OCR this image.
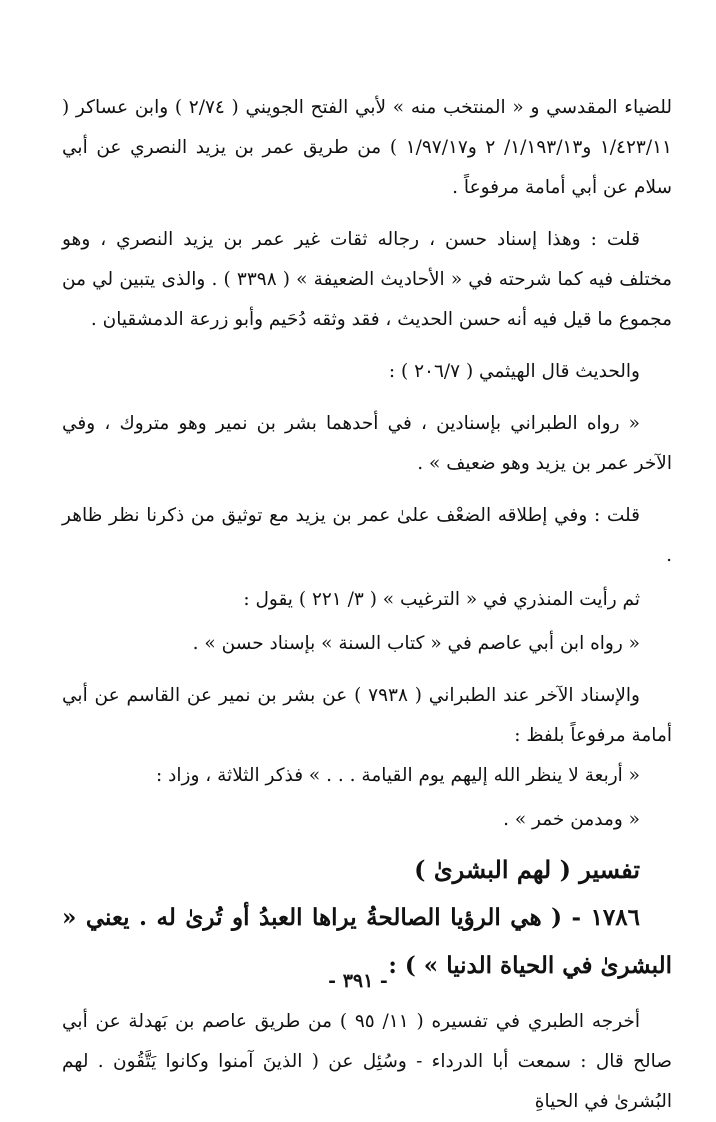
للضياء المقدسي و « المنتخب منه » لأبي الفتح الجويني ( ٢/٧٤ ) وابن عساكر ( ١/٤٢٣/١١ و١/١٩٣/١٣/ ٢ و١/٩٧/١٧ ) من طريق عمر بن يزيد النصري عن أبي سلام عن أبي أمامة مرفوعاً .

قلت : وهذا إسناد حسن ، رجاله ثقات غير عمر بن يزيد النصري ، وهو مختلف فيه كما شرحته في « الأحاديث الضعيفة » ( ٣٣٩٨ ) . والذى يتبين لي من مجموع ما قيل فيه أنه حسن الحديث ، فقد وثقه دُحَيم وأبو زرعة الدمشقيان .

والحديث قال الهيثمي ( ٢٠٦/٧ ) :

« رواه الطبراني بإسنادين ، في أحدهما بشر بن نمير وهو متروك ، وفي الآخر عمر بن يزيد وهو ضعيف » .

قلت : وفي إطلاقه الضعْف علىٰ عمر بن يزيد مع توثيق من ذكرنا نظر ظاهر .

ثم رأيت المنذري في « الترغيب » ( ٣/ ٢٢١ ) يقول :

« رواه ابن أبي عاصم في « كتاب السنة » بإسناد حسن » .

والإسناد الآخر عند الطبراني ( ٧٩٣٨ ) عن بشر بن نمير عن القاسم عن أبي أمامة مرفوعاً بلفظ :

« أربعة لا ينظر الله إليهم يوم القيامة . . . » فذكر الثلاثة ، وزاد :

« ومدمن خمر » .

تفسير ( لهم البشرىٰ )

١٧٨٦ - ( هي الرؤيا الصالحةُ يراها العبدُ أو تُرىٰ له . يعني « البشرىٰ في الحياة الدنيا » ) :

أخرجه الطبري في تفسيره ( ١١/ ٩٥ ) من طريق عاصم بن بَهدلة عن أبي صالح قال : سمعت أبا الدرداء - وسُئِل عن ( الذينَ آمنوا وكانوا يَتَّقُون . لهم البُشرىٰ في الحياةِ

- ٣٩١ -
